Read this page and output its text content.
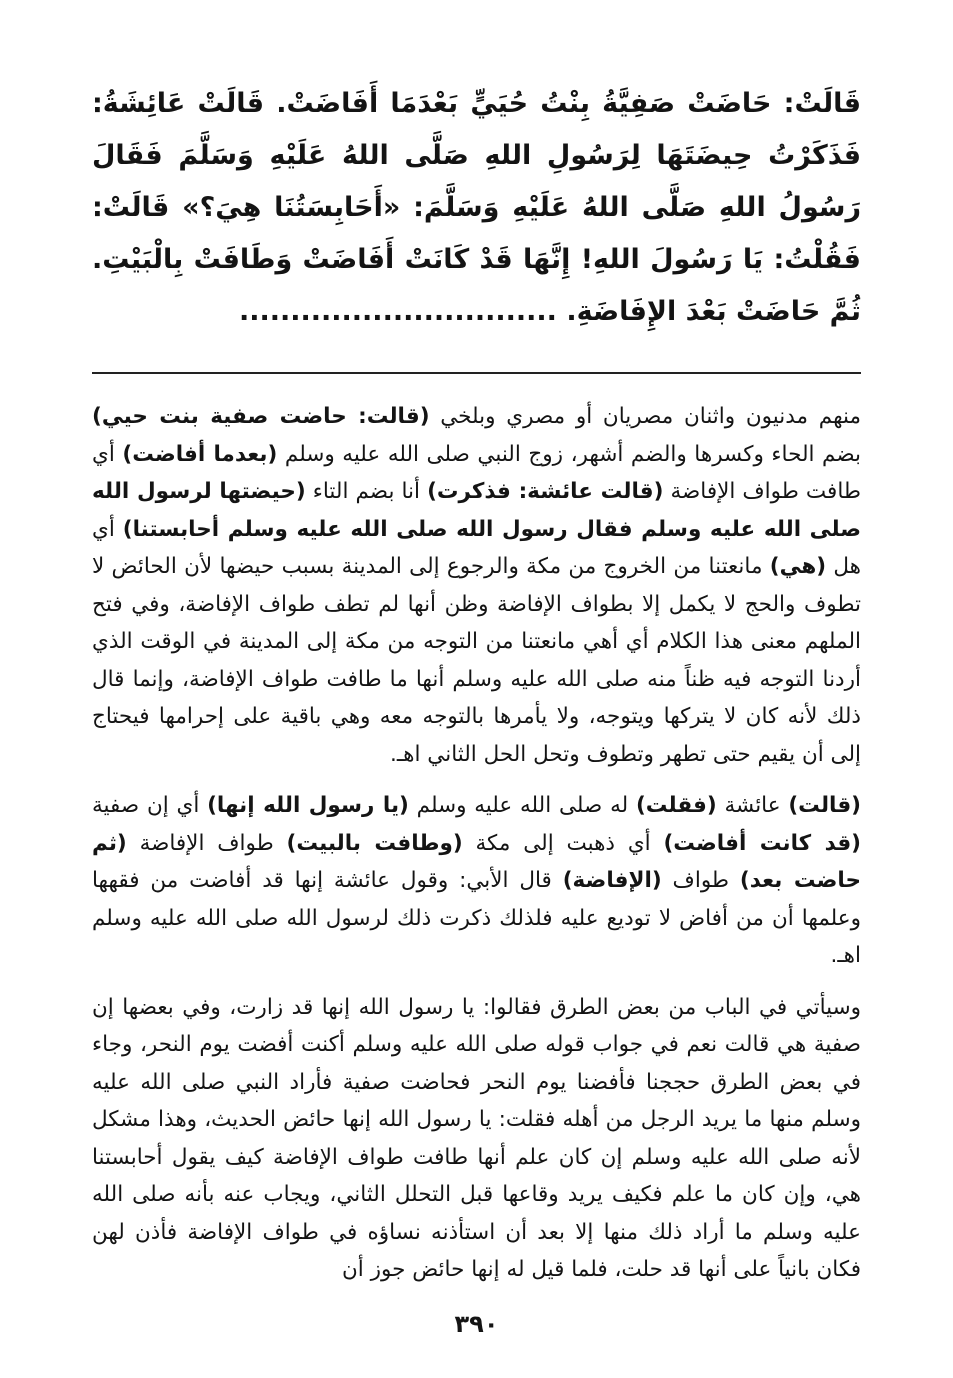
قَالَتْ: حَاضَتْ صَفِيَّةُ بِنْتُ حُيَيٍّ بَعْدَمَا أَفَاضَتْ. قَالَتْ عَائِشَةُ: فَذَكَرْتُ حِيضَتَهَا لِرَسُولِ اللهِ صَلَّى اللهُ عَلَيْهِ وَسَلَّمَ فَقَالَ رَسُولُ اللهِ صَلَّى اللهُ عَلَيْهِ وَسَلَّمَ: «أَحَابِسَتُنَا هِيَ؟» قَالَتْ: فَقُلْتُ: يَا رَسُولَ اللهِ! إِنَّهَا قَدْ كَانَتْ أَفَاضَتْ وَطَافَتْ بِالْبَيْتِ. ثُمَّ حَاضَتْ بَعْدَ الإِفَاضَةِ. ...............................

منهم مدنيون واثنان مصريان أو مصري وبلخي (قالت: حاضت صفية بنت حيي) بضم الحاء وكسرها والضم أشهر، زوج النبي صلى الله عليه وسلم (بعدما أفاضت) أي طافت طواف الإفاضة (قالت عائشة: فذكرت) أنا بضم التاء (حيضتها لرسول الله صلى الله عليه وسلم فقال رسول الله صلى الله عليه وسلم أحابستنا) أي هل (هي) مانعتنا من الخروج من مكة والرجوع إلى المدينة بسبب حيضها لأن الحائض لا تطوف والحج لا يكمل إلا بطواف الإفاضة وظن أنها لم تطف طواف الإفاضة، وفي فتح الملهم معنى هذا الكلام أي أهي مانعتنا من التوجه من مكة إلى المدينة في الوقت الذي أردنا التوجه فيه ظناً منه صلى الله عليه وسلم أنها ما طافت طواف الإفاضة، وإنما قال ذلك لأنه كان لا يتركها ويتوجه، ولا يأمرها بالتوجه معه وهي باقية على إحرامها فيحتاج إلى أن يقيم حتى تطهر وتطوف وتحل الحل الثاني اهـ.

(قالت) عائشة (فقلت) له صلى الله عليه وسلم (يا رسول الله إنها) أي إن صفية (قد كانت أفاضت) أي ذهبت إلى مكة (وطافت بالبيت) طواف الإفاضة (ثم حاضت بعد) طواف (الإفاضة) قال الأبي: وقول عائشة إنها قد أفاضت من فقهها وعلمها أن من أفاض لا توديع عليه فلذلك ذكرت ذلك لرسول الله صلى الله عليه وسلم اهـ.

وسيأتي في الباب من بعض الطرق فقالوا: يا رسول الله إنها قد زارت، وفي بعضها إن صفية هي قالت نعم في جواب قوله صلى الله عليه وسلم أكنت أفضت يوم النحر، وجاء في بعض الطرق حججنا فأفضنا يوم النحر فحاضت صفية فأراد النبي صلى الله عليه وسلم منها ما يريد الرجل من أهله فقلت: يا رسول الله إنها حائض الحديث، وهذا مشكل لأنه صلى الله عليه وسلم إن كان علم أنها طافت طواف الإفاضة كيف يقول أحابستنا هي، وإن كان ما علم فكيف يريد وقاعها قبل التحلل الثاني، ويجاب عنه بأنه صلى الله عليه وسلم ما أراد ذلك منها إلا بعد أن استأذنه نساؤه في طواف الإفاضة فأذن لهن فكان بانياً على أنها قد حلت، فلما قيل له إنها حائض جوز أن

٣٩٠
